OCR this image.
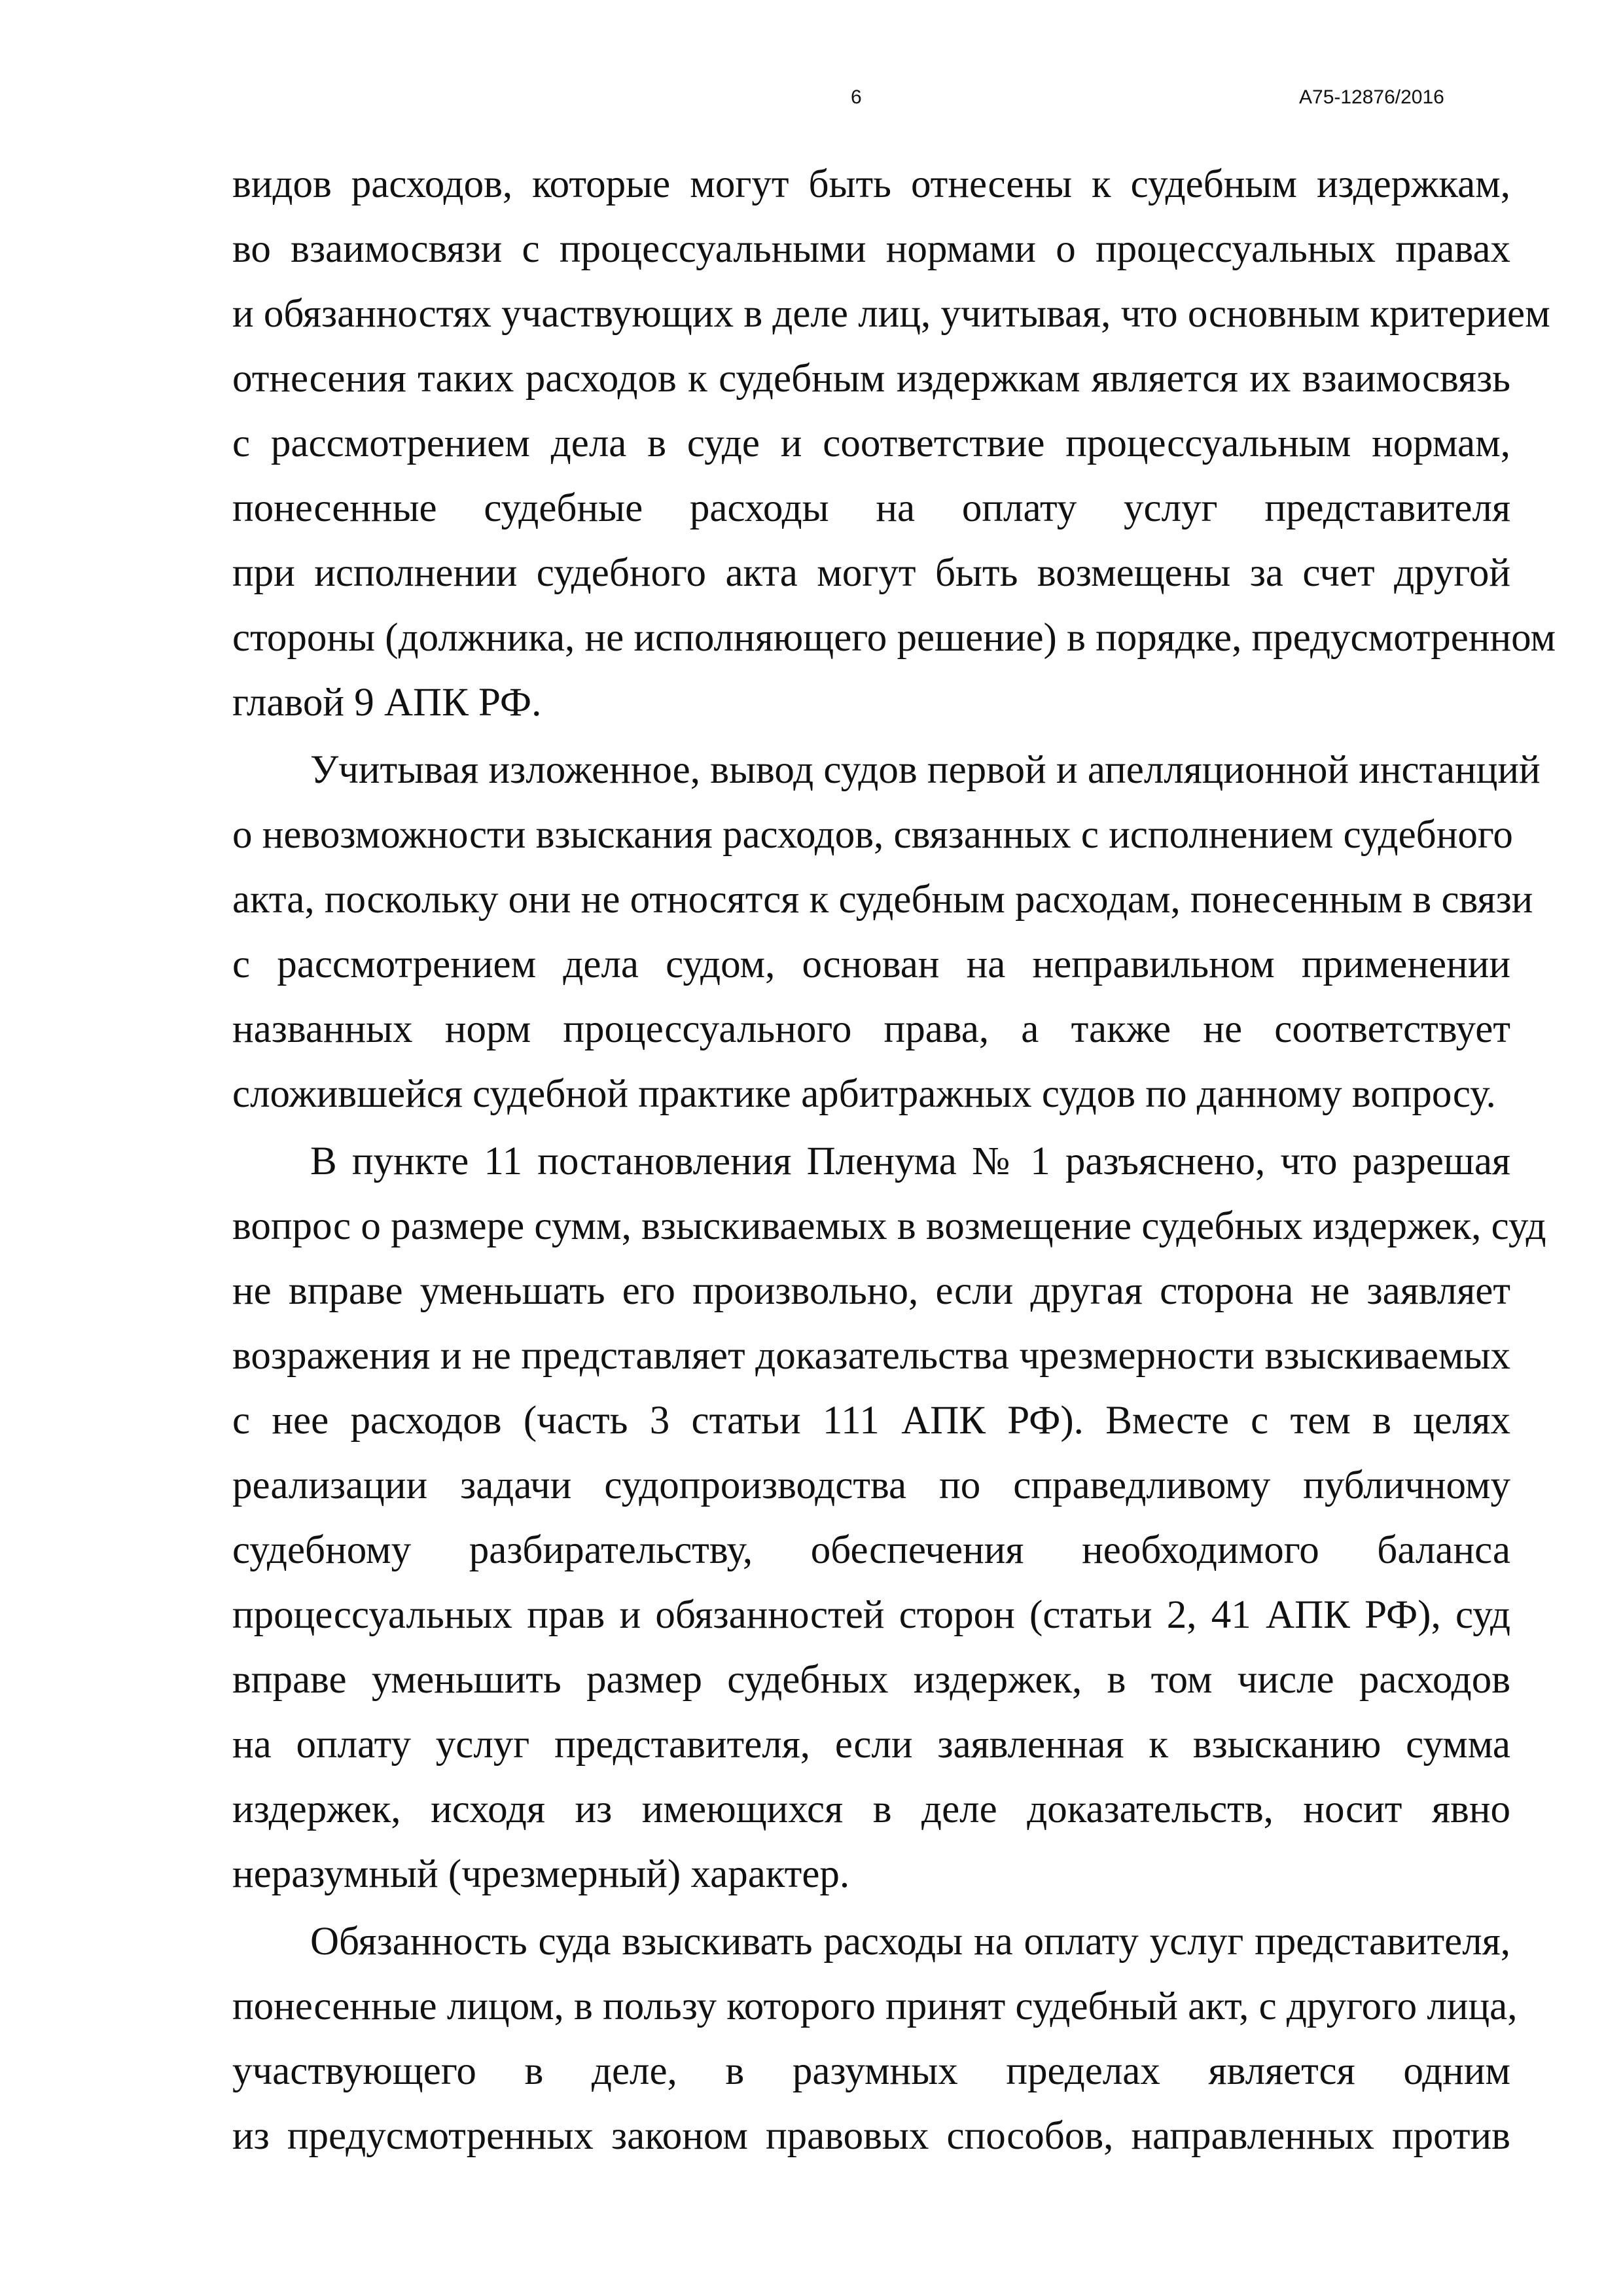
6	А75-12876/2016
видов расходов, которые могут быть отнесены к судебным издержкам,
во взаимосвязи с процессуальными нормами о процессуальных правах
и обязанностях участвующих в деле лиц, учитывая, что основным критерием
отнесения таких расходов к судебным издержкам является их взаимосвязь
с рассмотрением дела в суде и соответствие процессуальным нормам,
понесенные судебные расходы на оплату услуг представителя
при исполнении судебного акта могут быть возмещены за счет другой
стороны (должника, не исполняющего решение) в порядке, предусмотренном
главой 9 АПК РФ.
Учитывая изложенное, вывод судов первой и апелляционной инстанций
о невозможности взыскания расходов, связанных с исполнением судебного
акта, поскольку они не относятся к судебным расходам, понесенным в связи
с рассмотрением дела судом, основан на неправильном применении
названных норм процессуального права, а также не соответствует
сложившейся судебной практике арбитражных судов по данному вопросу.
В пункте 11 постановления Пленума № 1 разъяснено, что разрешая
вопрос о размере сумм, взыскиваемых в возмещение судебных издержек, суд
не вправе уменьшать его произвольно, если другая сторона не заявляет
возражения и не представляет доказательства чрезмерности взыскиваемых
с нее расходов (часть 3 статьи 111 АПК РФ). Вместе с тем в целях
реализации задачи судопроизводства по справедливому публичному
судебному разбирательству, обеспечения необходимого баланса
процессуальных прав и обязанностей сторон (статьи 2, 41 АПК РФ), суд
вправе уменьшить размер судебных издержек, в том числе расходов
на оплату услуг представителя, если заявленная к взысканию сумма
издержек, исходя из имеющихся в деле доказательств, носит явно
неразумный (чрезмерный) характер.
Обязанность суда взыскивать расходы на оплату услуг представителя,
понесенные лицом, в пользу которого принят судебный акт, с другого лица,
участвующего в деле, в разумных пределах является одним
из предусмотренных законом правовых способов, направленных против
